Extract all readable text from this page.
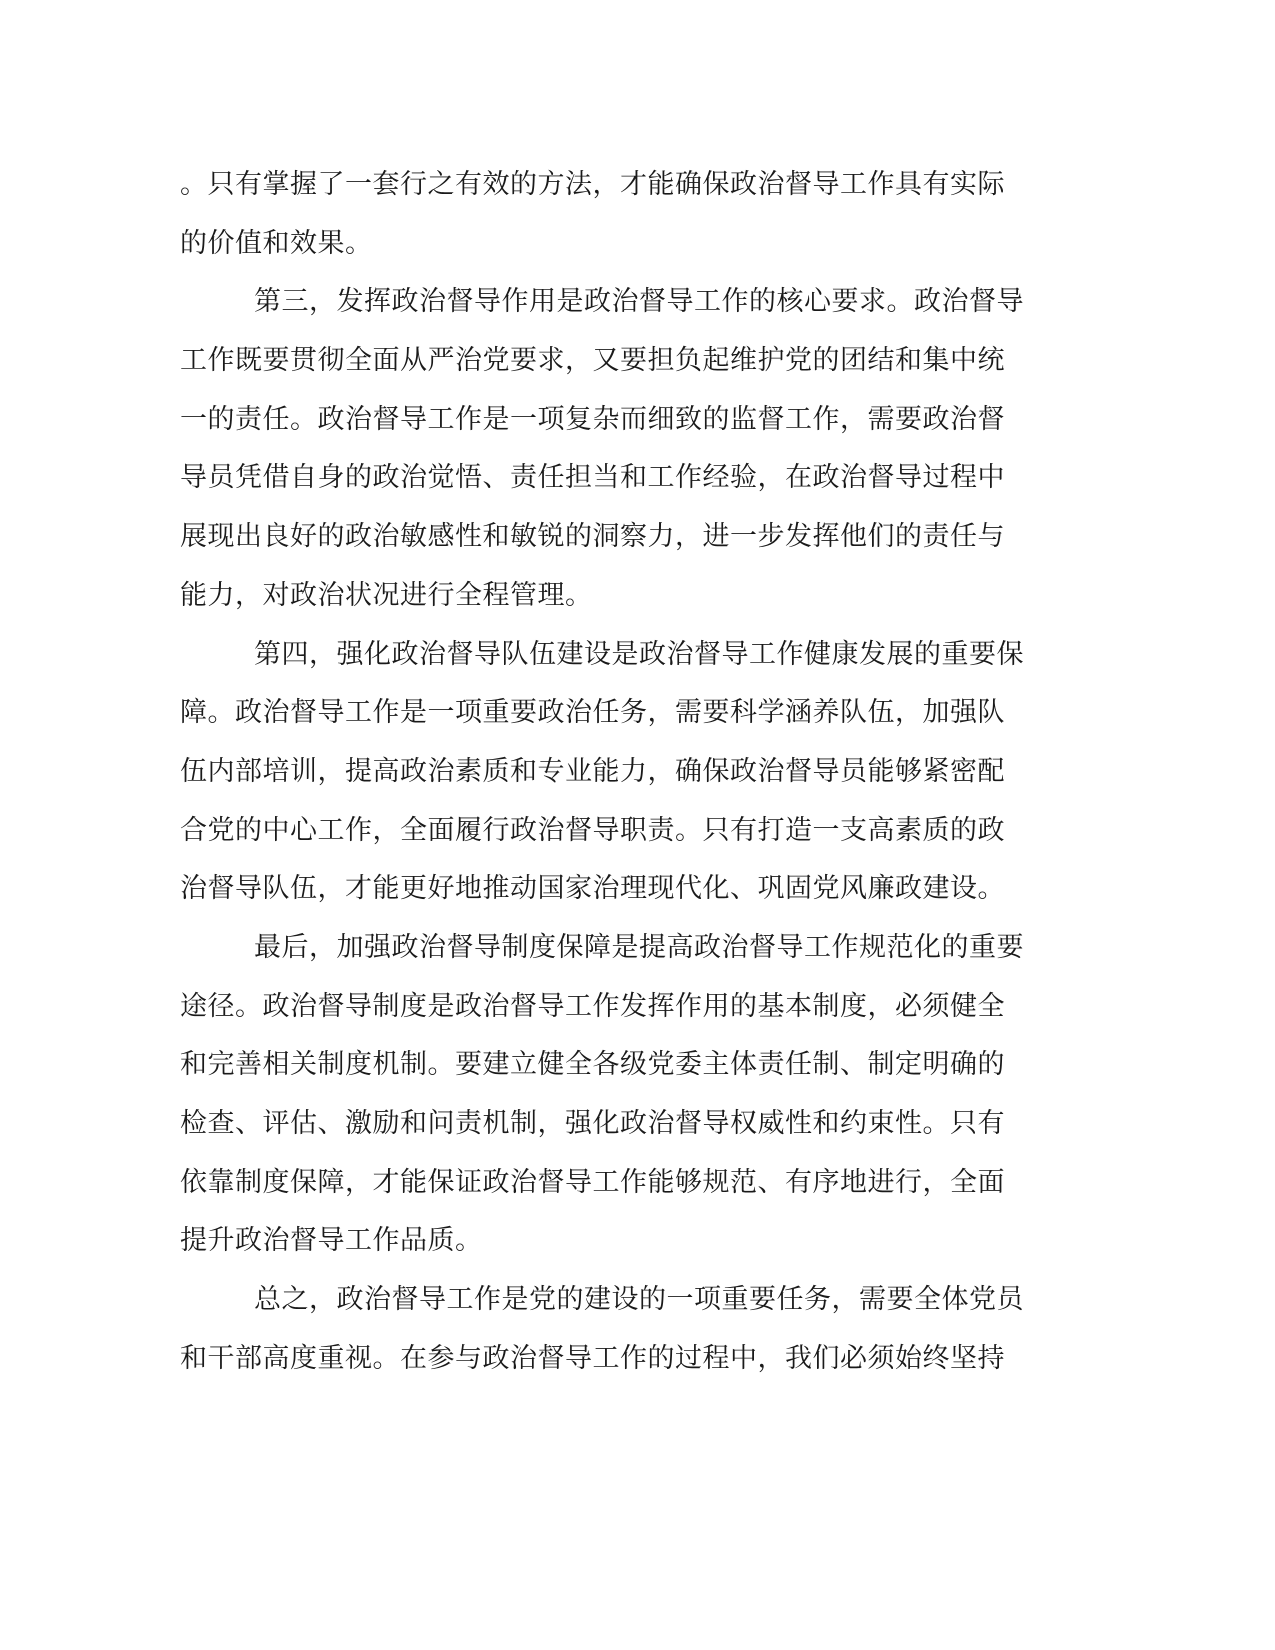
。只有掌握了一套行之有效的方法，才能确保政治督导工作具有实际

的价值和效果。

第三，发挥政治督导作用是政治督导工作的核心要求。政治督导

工作既要贯彻全面从严治党要求，又要担负起维护党的团结和集中统

一的责任。政治督导工作是一项复杂而细致的监督工作，需要政治督

导员凭借自身的政治觉悟、责任担当和工作经验，在政治督导过程中

展现出良好的政治敏感性和敏锐的洞察力，进一步发挥他们的责任与

能力，对政治状况进行全程管理。

第四，强化政治督导队伍建设是政治督导工作健康发展的重要保

障。政治督导工作是一项重要政治任务，需要科学涵养队伍，加强队

伍内部培训，提高政治素质和专业能力，确保政治督导员能够紧密配

合党的中心工作，全面履行政治督导职责。只有打造一支高素质的政

治督导队伍，才能更好地推动国家治理现代化、巩固党风廉政建设。

最后，加强政治督导制度保障是提高政治督导工作规范化的重要

途径。政治督导制度是政治督导工作发挥作用的基本制度，必须健全

和完善相关制度机制。要建立健全各级党委主体责任制、制定明确的

检查、评估、激励和问责机制，强化政治督导权威性和约束性。只有

依靠制度保障，才能保证政治督导工作能够规范、有序地进行，全面

提升政治督导工作品质。

总之，政治督导工作是党的建设的一项重要任务，需要全体党员

和干部高度重视。在参与政治督导工作的过程中，我们必须始终坚持
